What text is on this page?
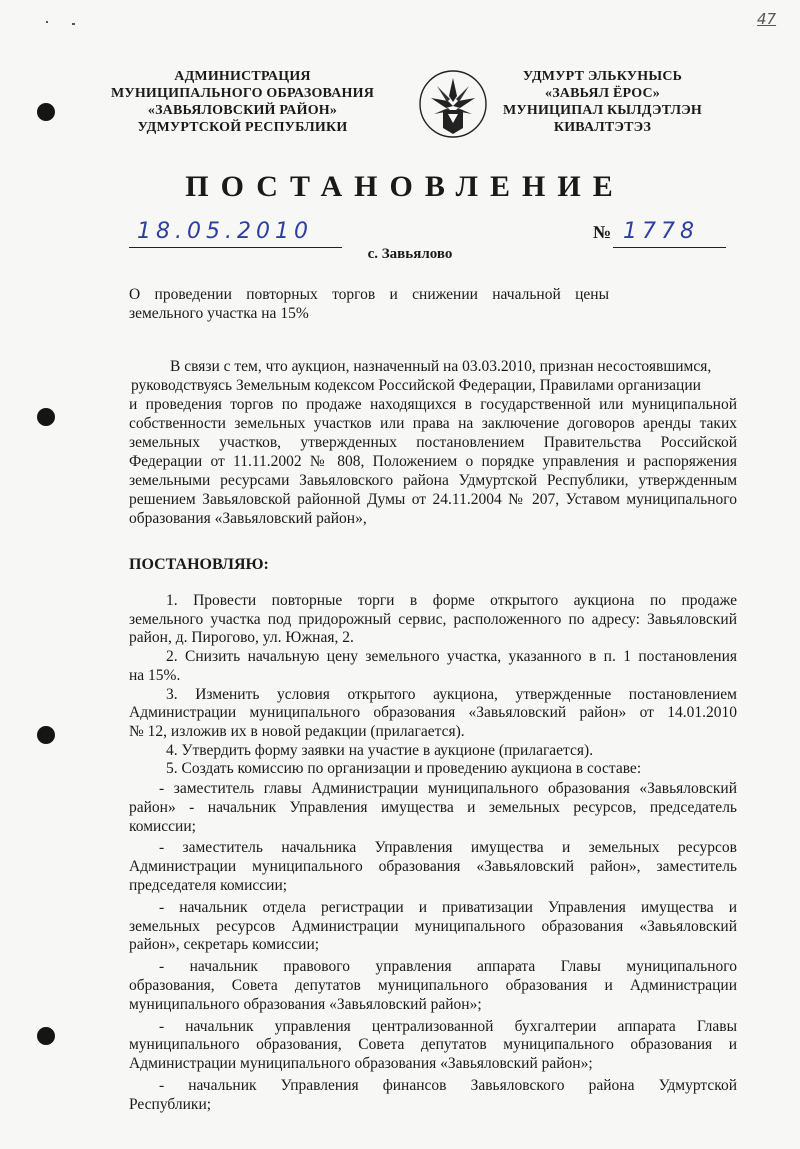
47
АДМИНИСТРАЦИЯ
МУНИЦИПАЛЬНОГО ОБРАЗОВАНИЯ
«ЗАВЬЯЛОВСКИЙ РАЙОН»
УДМУРТСКОЙ РЕСПУБЛИКИ
УДМУРТ ЭЛЬКУНЫСЬ
«ЗАВЬЯЛ ЁРОС»
МУНИЦИПАЛ КЫЛДЭТЛЭН
КИВАЛТЭТЭЗ
ПОСТАНОВЛЕНИЕ
18.05.2010	№ 1778
с. Завьялово
О проведении повторных торгов и снижении начальной цены
земельного участка на 15%
В связи с тем, что аукцион, назначенный на 03.03.2010, признан несостоявшимся,
руководствуясь Земельным кодексом Российской Федерации, Правилами организации
и проведения торгов по продаже находящихся в государственной или муниципальной
собственности земельных участков или права на заключение договоров аренды таких
земельных участков, утвержденных постановлением Правительства Российской
Федерации от 11.11.2002 № 808, Положением о порядке управления и распоряжения
земельными ресурсами Завьяловского района Удмуртской Республики, утвержденным
решением Завьяловской районной Думы от 24.11.2004 № 207, Уставом муниципального
образования «Завьяловский район»,
ПОСТАНОВЛЯЮ:
1. Провести повторные торги в форме открытого аукциона по продаже
земельного участка под придорожный сервис, расположенного по адресу: Завьяловский
район, д. Пирогово, ул. Южная, 2.
2. Снизить начальную цену земельного участка, указанного в п. 1 постановления
на 15%.
3. Изменить условия открытого аукциона, утвержденные постановлением
Администрации муниципального образования «Завьяловский район» от 14.01.2010
№ 12, изложив их в новой редакции (прилагается).
4. Утвердить форму заявки на участие в аукционе (прилагается).
5. Создать комиссию по организации и проведению аукциона в составе:
- заместитель главы Администрации муниципального образования «Завьяловский
район» - начальник Управления имущества и земельных ресурсов, председатель
комиссии;
- заместитель начальника Управления имущества и земельных ресурсов
Администрации муниципального образования «Завьяловский район», заместитель
председателя комиссии;
- начальник отдела регистрации и приватизации Управления имущества и
земельных ресурсов Администрации муниципального образования «Завьяловский
район», секретарь комиссии;
- начальник правового управления аппарата Главы муниципального
образования, Совета депутатов муниципального образования и Администрации
муниципального образования «Завьяловский район»;
- начальник управления централизованной бухгалтерии аппарата Главы
муниципального образования, Совета депутатов муниципального образования и
Администрации муниципального образования «Завьяловский район»;
- начальник Управления финансов Завьяловского района Удмуртской
Республики;
